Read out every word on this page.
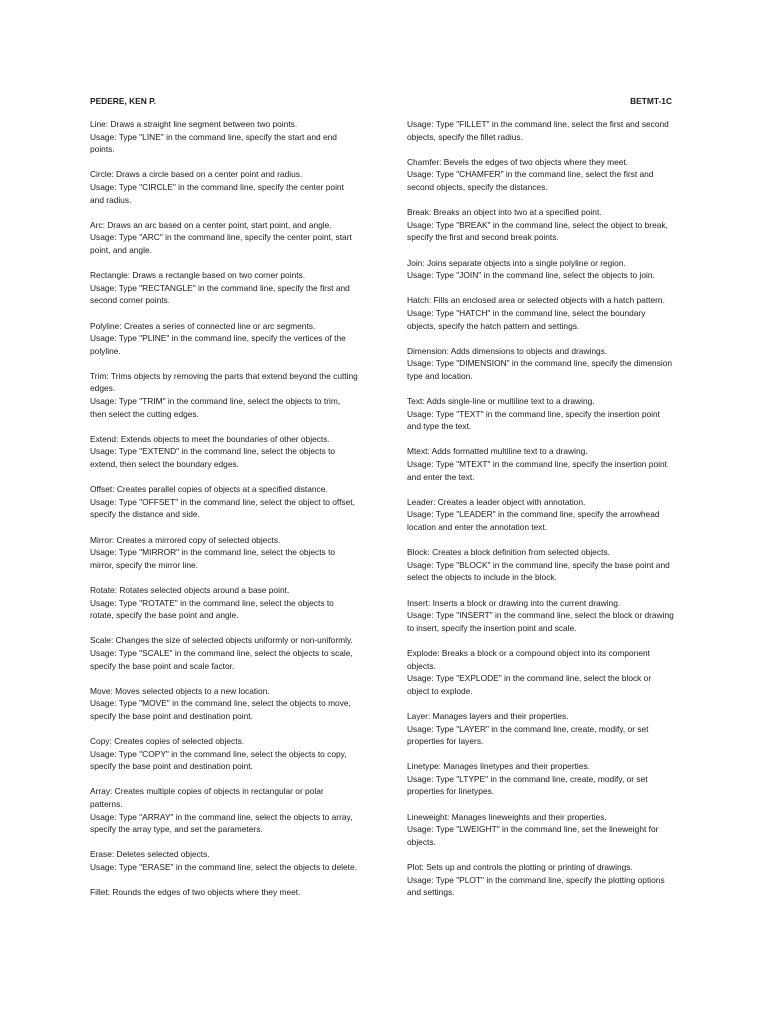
PEDERE, KEN P.	BETMT-1C

Line: Draws a straight line segment between two points.

Usage: Type "LINE" in the command line, specify the start and end points.

Circle: Draws a circle based on a center point and radius.

Usage: Type "CIRCLE" in the command line, specify the center point and radius.

Arc: Draws an arc based on a center point, start point, and angle.

Usage: Type "ARC" in the command line, specify the center point, start point, and angle.

Rectangle: Draws a rectangle based on two corner points.

Usage: Type "RECTANGLE" in the command line, specify the first and second corner points.

Polyline: Creates a series of connected line or arc segments.

Usage: Type "PLINE" in the command line, specify the vertices of the polyline.

Trim: Trims objects by removing the parts that extend beyond the cutting edges.

Usage: Type "TRIM" in the command line, select the objects to trim, then select the cutting edges.

Extend: Extends objects to meet the boundaries of other objects.

Usage: Type "EXTEND" in the command line, select the objects to extend, then select the boundary edges.

Offset: Creates parallel copies of objects at a specified distance.

Usage: Type "OFFSET" in the command line, select the object to offset, specify the distance and side.

Mirror: Creates a mirrored copy of selected objects.

Usage: Type "MIRROR" in the command line, select the objects to mirror, specify the mirror line.

Rotate: Rotates selected objects around a base point.

Usage: Type "ROTATE" in the command line, select the objects to rotate, specify the base point and angle.

Scale: Changes the size of selected objects uniformly or non-uniformly.

Usage: Type "SCALE" in the command line, select the objects to scale, specify the base point and scale factor.

Move: Moves selected objects to a new location.

Usage: Type "MOVE" in the command line, select the objects to move, specify the base point and destination point.

Copy: Creates copies of selected objects.

Usage: Type "COPY" in the command line, select the objects to copy, specify the base point and destination point.

Array: Creates multiple copies of objects in rectangular or polar patterns.

Usage: Type "ARRAY" in the command line, select the objects to array, specify the array type, and set the parameters.

Erase: Deletes selected objects.

Usage: Type "ERASE" in the command line, select the objects to delete.

Fillet: Rounds the edges of two objects where they meet.

Usage: Type "FILLET" in the command line, select the first and second objects, specify the fillet radius.

Chamfer: Bevels the edges of two objects where they meet.

Usage: Type "CHAMFER" in the command line, select the first and second objects, specify the distances.

Break: Breaks an object into two at a specified point.

Usage: Type "BREAK" in the command line, select the object to break, specify the first and second break points.

Join: Joins separate objects into a single polyline or region.

Usage: Type "JOIN" in the command line, select the objects to join.

Hatch: Fills an enclosed area or selected objects with a hatch pattern.

Usage: Type "HATCH" in the command line, select the boundary objects, specify the hatch pattern and settings.

Dimension: Adds dimensions to objects and drawings.

Usage: Type "DIMENSION" in the command line, specify the dimension type and location.

Text: Adds single-line or multiline text to a drawing.

Usage: Type "TEXT" in the command line, specify the insertion point and type the text.

Mtext: Adds formatted multiline text to a drawing.

Usage: Type "MTEXT" in the command line, specify the insertion point and enter the text.

Leader: Creates a leader object with annotation.

Usage: Type "LEADER" in the command line, specify the arrowhead location and enter the annotation text.

Block: Creates a block definition from selected objects.

Usage: Type "BLOCK" in the command line, specify the base point and select the objects to include in the block.

Insert: Inserts a block or drawing into the current drawing.

Usage: Type "INSERT" in the command line, select the block or drawing to insert, specify the insertion point and scale.

Explode: Breaks a block or a compound object into its component objects.

Usage: Type "EXPLODE" in the command line, select the block or object to explode.

Layer: Manages layers and their properties.

Usage: Type "LAYER" in the command line, create, modify, or set properties for layers.

Linetype: Manages linetypes and their properties.

Usage: Type "LTYPE" in the command line, create, modify, or set properties for linetypes.

Lineweight: Manages lineweights and their properties.

Usage: Type "LWEIGHT" in the command line, set the lineweight for objects.

Plot: Sets up and controls the plotting or printing of drawings.

Usage: Type "PLOT" in the command line, specify the plotting options and settings.
